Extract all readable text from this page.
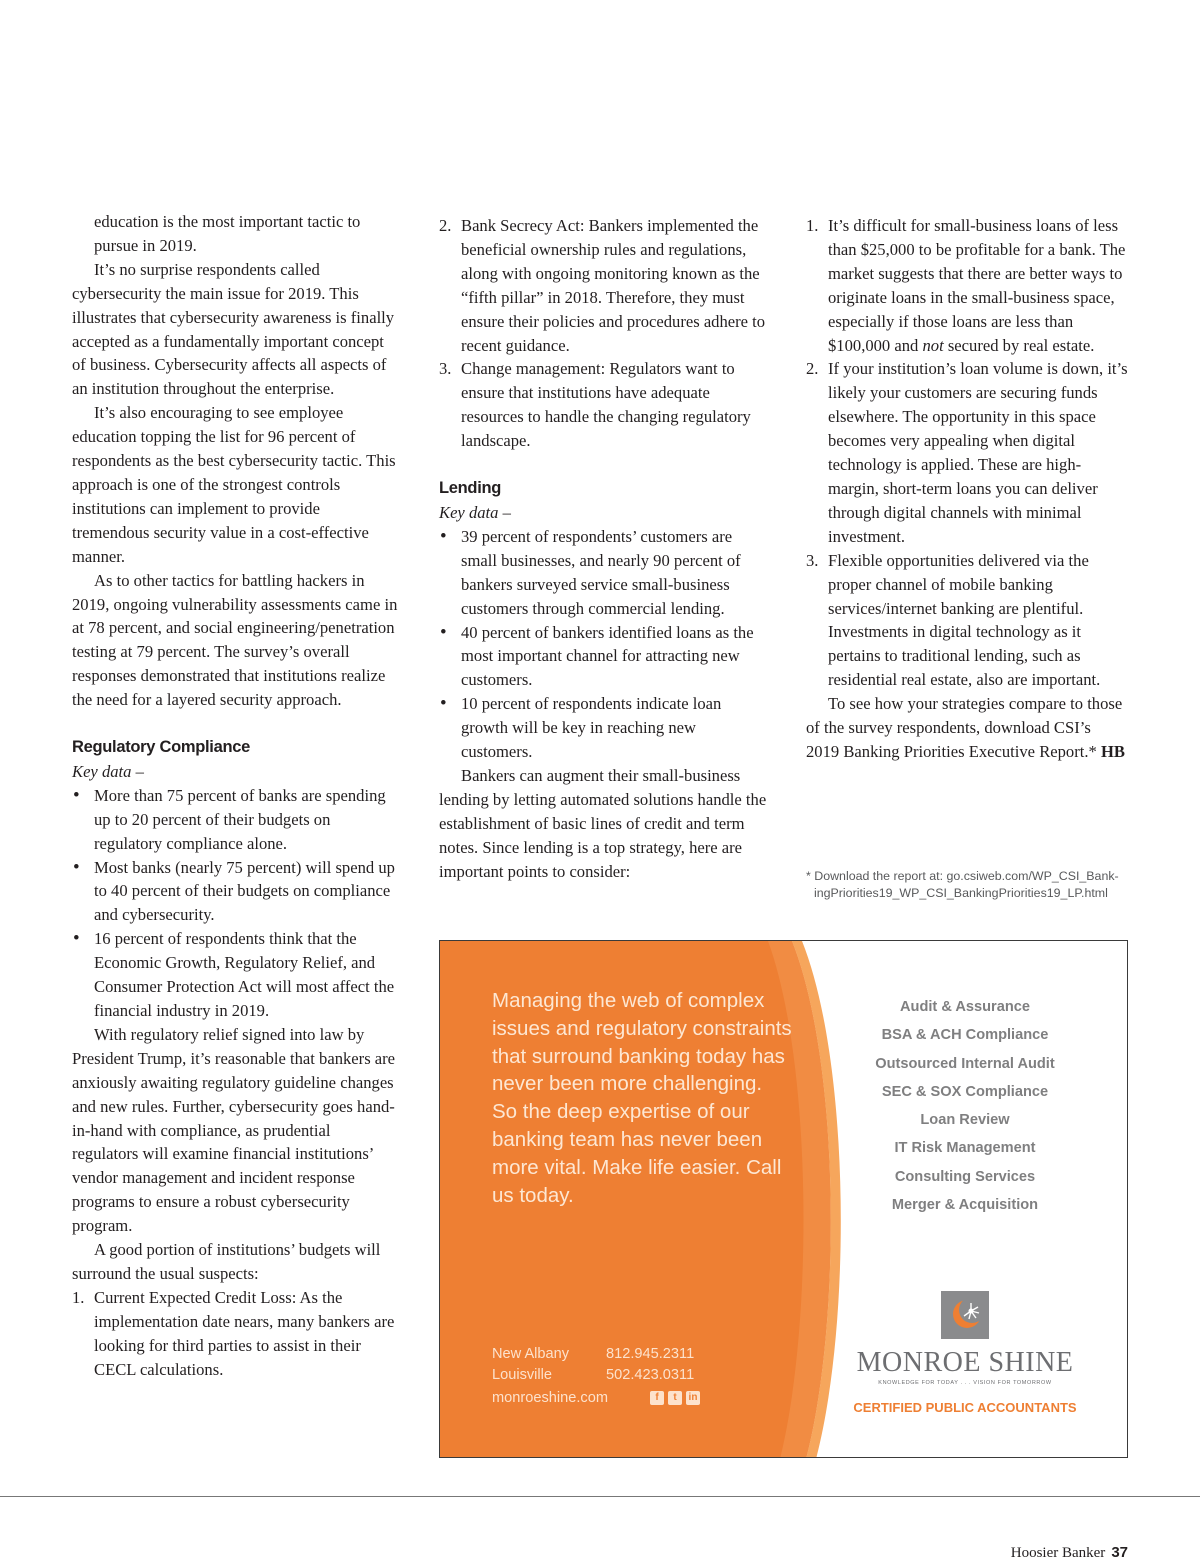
education is the most important tactic to pursue in 2019.

It’s no surprise respondents called cybersecurity the main issue for 2019. This illustrates that cybersecurity awareness is finally accepted as a fundamentally important concept of business. Cybersecurity affects all aspects of an institution throughout the enterprise.

It’s also encouraging to see employee education topping the list for 96 percent of respondents as the best cybersecurity tactic. This approach is one of the strongest controls institutions can implement to provide tremendous security value in a cost-effective manner.

As to other tactics for battling hackers in 2019, ongoing vulnerability assessments came in at 78 percent, and social engineering/penetration testing at 79 percent. The survey’s overall responses demonstrated that institutions realize the need for a layered security approach.

Regulatory Compliance

Key data –

• More than 75 percent of banks are spending up to 20 percent of their budgets on regulatory compliance alone.
• Most banks (nearly 75 percent) will spend up to 40 percent of their budgets on compliance and cybersecurity.
• 16 percent of respondents think that the Economic Growth, Regulatory Relief, and Consumer Protection Act will most affect the financial industry in 2019.

With regulatory relief signed into law by President Trump, it’s reasonable that bankers are anxiously awaiting regulatory guideline changes and new rules. Further, cybersecurity goes hand-in-hand with compliance, as prudential regulators will examine financial institutions’ vendor management and incident response programs to ensure a robust cybersecurity program.

A good portion of institutions’ budgets will surround the usual suspects:

1. Current Expected Credit Loss: As the implementation date nears, many bankers are looking for third parties to assist in their CECL calculations.
2. Bank Secrecy Act: Bankers implemented the beneficial ownership rules and regulations, along with ongoing monitoring known as the “fifth pillar” in 2018. Therefore, they must ensure their policies and procedures adhere to recent guidance.
3. Change management: Regulators want to ensure that institutions have adequate resources to handle the changing regulatory landscape.

Lending

Key data –

• 39 percent of respondents’ customers are small businesses, and nearly 90 percent of bankers surveyed service small-business customers through commercial lending.
• 40 percent of bankers identified loans as the most important channel for attracting new customers.
• 10 percent of respondents indicate loan growth will be key in reaching new customers.

Bankers can augment their small-business lending by letting automated solutions handle the establishment of basic lines of credit and term notes. Since lending is a top strategy, here are important points to consider:

1. It’s difficult for small-business loans of less than $25,000 to be profitable for a bank. The market suggests that there are better ways to originate loans in the small-business space, especially if those loans are less than $100,000 and not secured by real estate.
2. If your institution’s loan volume is down, it’s likely your customers are securing funds elsewhere. The opportunity in this space becomes very appealing when digital technology is applied. These are high-margin, short-term loans you can deliver through digital channels with minimal investment.
3. Flexible opportunities delivered via the proper channel of mobile banking services/internet banking are plentiful. Investments in digital technology as it pertains to traditional lending, such as residential real estate, also are important.

To see how your strategies compare to those of the survey respondents, download CSI’s 2019 Banking Priorities Executive Report.* HB

* Download the report at: go.csiweb.com/WP_CSI_Bank-
ingPriorities19_WP_CSI_BankingPriorities19_LP.html
Managing the web of complex issues and regulatory constraints that surround banking today has never been more challenging. So the deep expertise of our banking team has never been more vital. Make life easier. Call us today.
New Albany	812.945.2311
Louisville	502.423.0311
monroeshine.com	f	t	in
Audit & Assurance
BSA & ACH Compliance
Outsourced Internal Audit
SEC & SOX Compliance
Loan Review
IT Risk Management
Consulting Services
Merger & Acquisition
MONROE SHINE
KNOWLEDGE FOR TODAY . . . VISION FOR TOMORROW
CERTIFIED PUBLIC ACCOUNTANTS
Hoosier Banker 37
